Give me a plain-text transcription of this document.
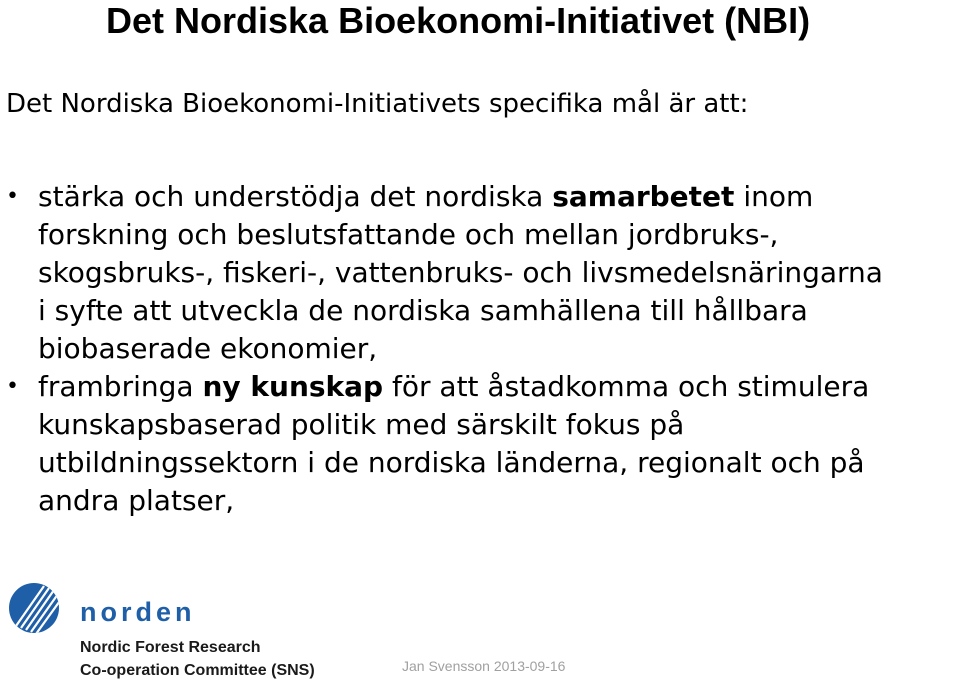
Det Nordiska Bioekonomi-Initiativet (NBI)
Det Nordiska Bioekonomi-Initiativets specifika mål är att:
• stärka och understödja det nordiska samarbetet inom
forskning och beslutsfattande och mellan jordbruks-,
skogsbruks-, fiskeri-, vattenbruks- och livsmedelsnäringarna
i syfte att utveckla de nordiska samhällena till hållbara
biobaserade ekonomier,
• frambringa ny kunskap för att åstadkomma och stimulera
kunskapsbaserad politik med särskilt fokus på
utbildningssektorn i de nordiska länderna, regionalt och på
andra platser,
norden
Nordic Forest Research
Co-operation Committee (SNS)	Jan Svensson 2013-09-16
